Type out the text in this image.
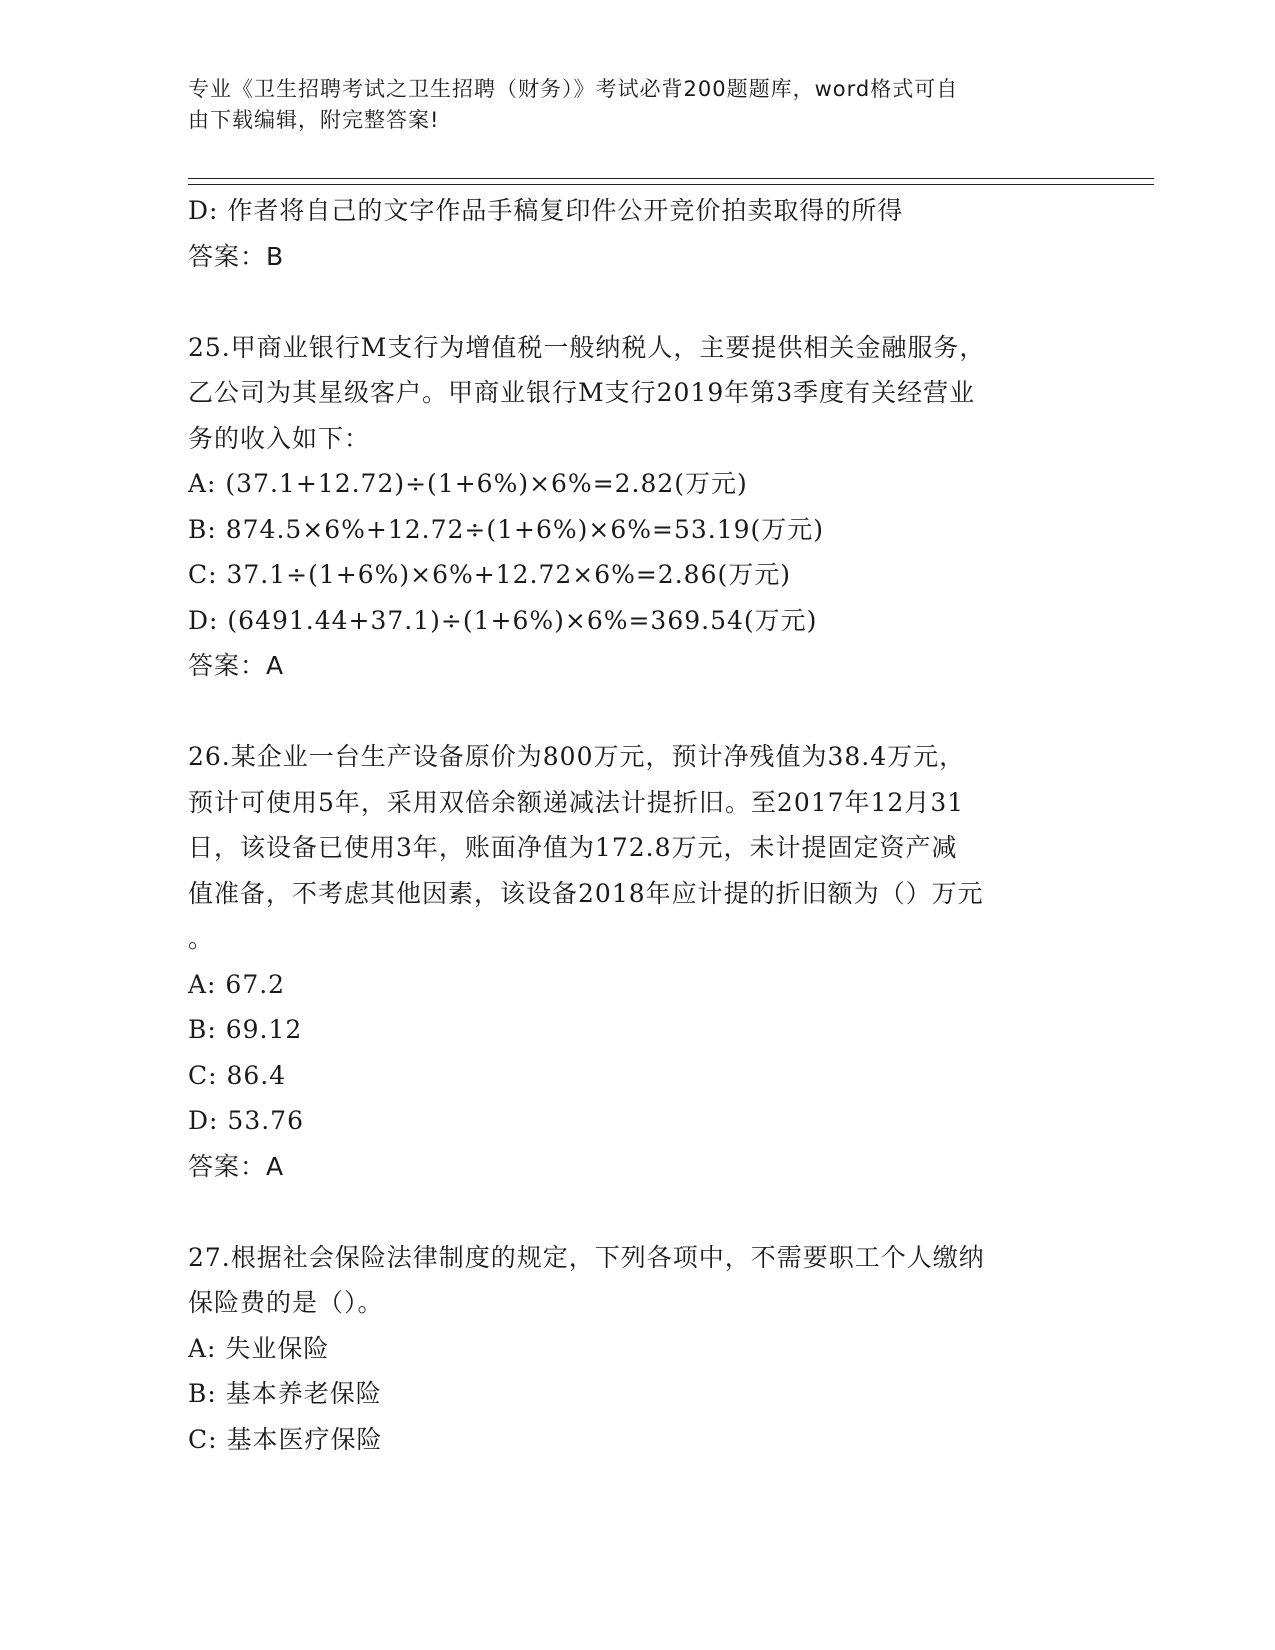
专业《卫生招聘考试之卫生招聘（财务）》考试必背200题题库，word格式可自
由下载编辑，附完整答案!
D: 作者将自己的文字作品手稿复印件公开竞价拍卖取得的所得
答案：B
25.甲商业银行M支行为增值税一般纳税人，主要提供相关金融服务，
乙公司为其星级客户。甲商业银行M支行2019年第3季度有关经营业
务的收入如下：
A: (37.1+12.72)÷(1+6%)×6%=2.82(万元)
B: 874.5×6%+12.72÷(1+6%)×6%=53.19(万元)
C: 37.1÷(1+6%)×6%+12.72×6%=2.86(万元)
D: (6491.44+37.1)÷(1+6%)×6%=369.54(万元)
答案：A
26.某企业一台生产设备原价为800万元，预计净残值为38.4万元，
预计可使用5年，采用双倍余额递减法计提折旧。至2017年12月31
日，该设备已使用3年，账面净值为172.8万元，未计提固定资产减
值准备，不考虑其他因素，该设备2018年应计提的折旧额为（）万元
。
A: 67.2
B: 69.12
C: 86.4
D: 53.76
答案：A
27.根据社会保险法律制度的规定，下列各项中，不需要职工个人缴纳
保险费的是（）。
A: 失业保险
B: 基本养老保险
C: 基本医疗保险
